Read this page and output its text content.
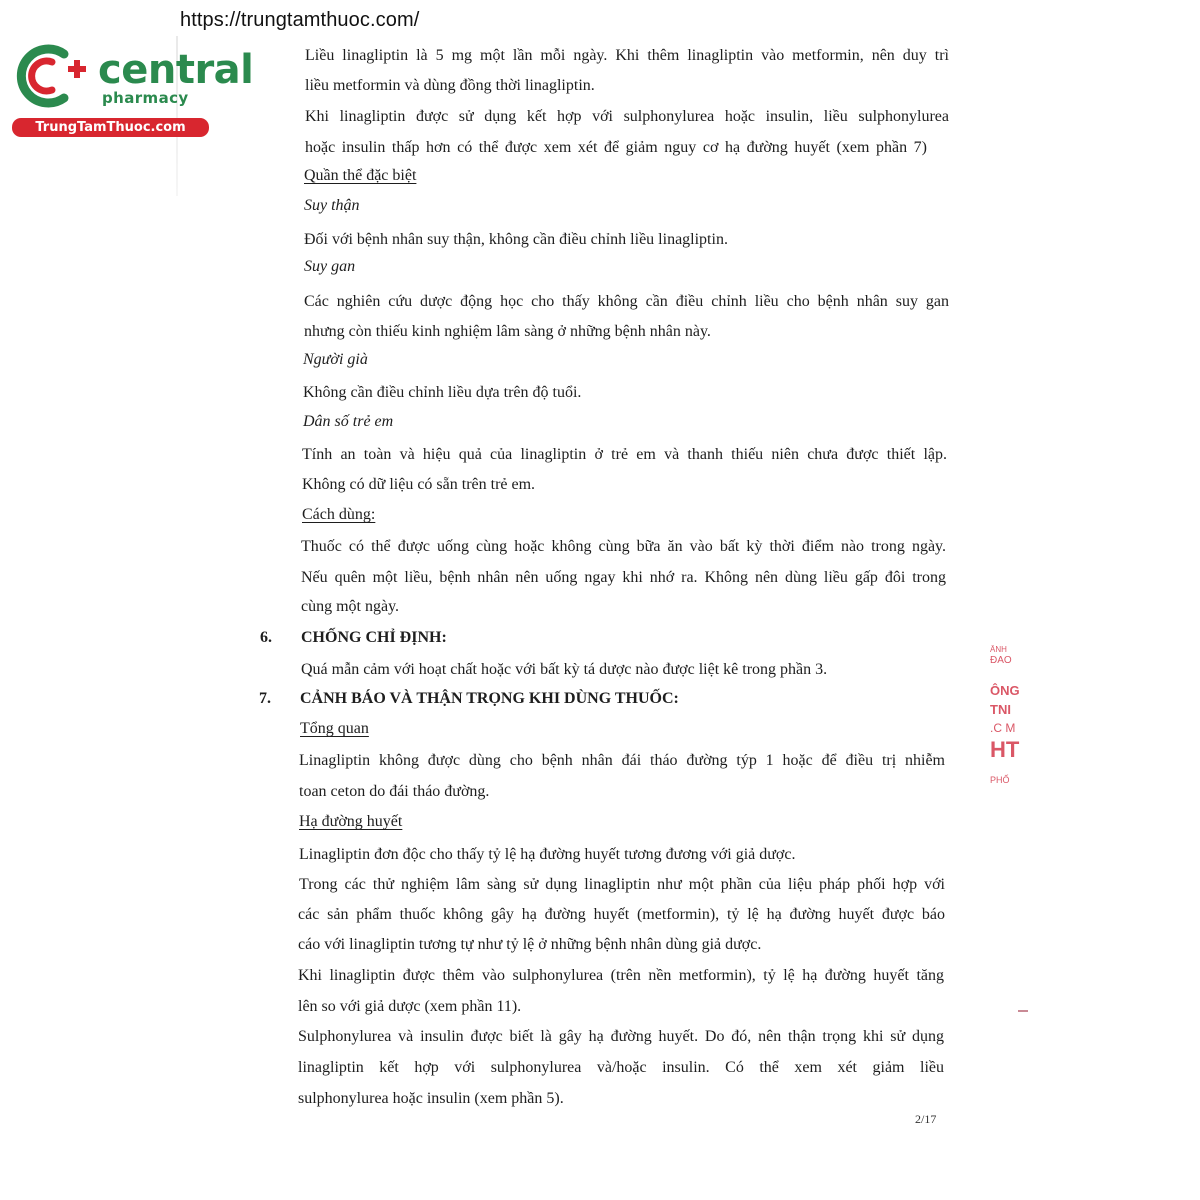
https://trungtamthuoc.com/
central
pharmacy
TrungTamThuoc.com
Liều linagliptin là 5 mg một lần mỗi ngày. Khi thêm linagliptin vào metformin, nên duy trì
liều metformin và dùng đồng thời linagliptin.
Khi linagliptin được sử dụng kết hợp với sulphonylurea hoặc insulin, liều sulphonylurea
hoặc insulin thấp hơn có thể được xem xét để giảm nguy cơ hạ đường huyết (xem phần 7)
Quần thể đặc biệt
Suy thận
Đối với bệnh nhân suy thận, không cần điều chỉnh liều linagliptin.
Suy gan
Các nghiên cứu dược động học cho thấy không cần điều chỉnh liều cho bệnh nhân suy gan
nhưng còn thiếu kinh nghiệm lâm sàng ở những bệnh nhân này.
Người già
Không cần điều chỉnh liều dựa trên độ tuổi.
Dân số trẻ em
Tính an toàn và hiệu quả của linagliptin ở trẻ em và thanh thiếu niên chưa được thiết lập.
Không có dữ liệu có sẵn trên trẻ em.
Cách dùng:
Thuốc có thể được uống cùng hoặc không cùng bữa ăn vào bất kỳ thời điểm nào trong ngày.
Nếu quên một liều, bệnh nhân nên uống ngay khi nhớ ra. Không nên dùng liều gấp đôi trong
cùng một ngày.
6. CHỐNG CHỈ ĐỊNH:
Quá mẫn cảm với hoạt chất hoặc với bất kỳ tá dược nào được liệt kê trong phần 3.
7. CẢNH BÁO VÀ THẬN TRỌNG KHI DÙNG THUỐC:
Tổng quan
Linagliptin không được dùng cho bệnh nhân đái tháo đường týp 1 hoặc để điều trị nhiễm
toan ceton do đái tháo đường.
Hạ đường huyết
Linagliptin đơn độc cho thấy tỷ lệ hạ đường huyết tương đương với giả dược.
Trong các thử nghiệm lâm sàng sử dụng linagliptin như một phần của liệu pháp phối hợp với
các sản phẩm thuốc không gây hạ đường huyết (metformin), tỷ lệ hạ đường huyết được báo
cáo với linagliptin tương tự như tỷ lệ ở những bệnh nhân dùng giả dược.
Khi linagliptin được thêm vào sulphonylurea (trên nền metformin), tỷ lệ hạ đường huyết tăng
lên so với giả dược (xem phần 11).
Sulphonylurea và insulin được biết là gây hạ đường huyết. Do đó, nên thận trọng khi sử dụng
linagliptin kết hợp với sulphonylurea và/hoặc insulin. Có thể xem xét giảm liều
sulphonylurea hoặc insulin (xem phần 5).
2/17
ÂNH
ĐAO
ÔNG
TNI
.C M
HT
PHỐ
